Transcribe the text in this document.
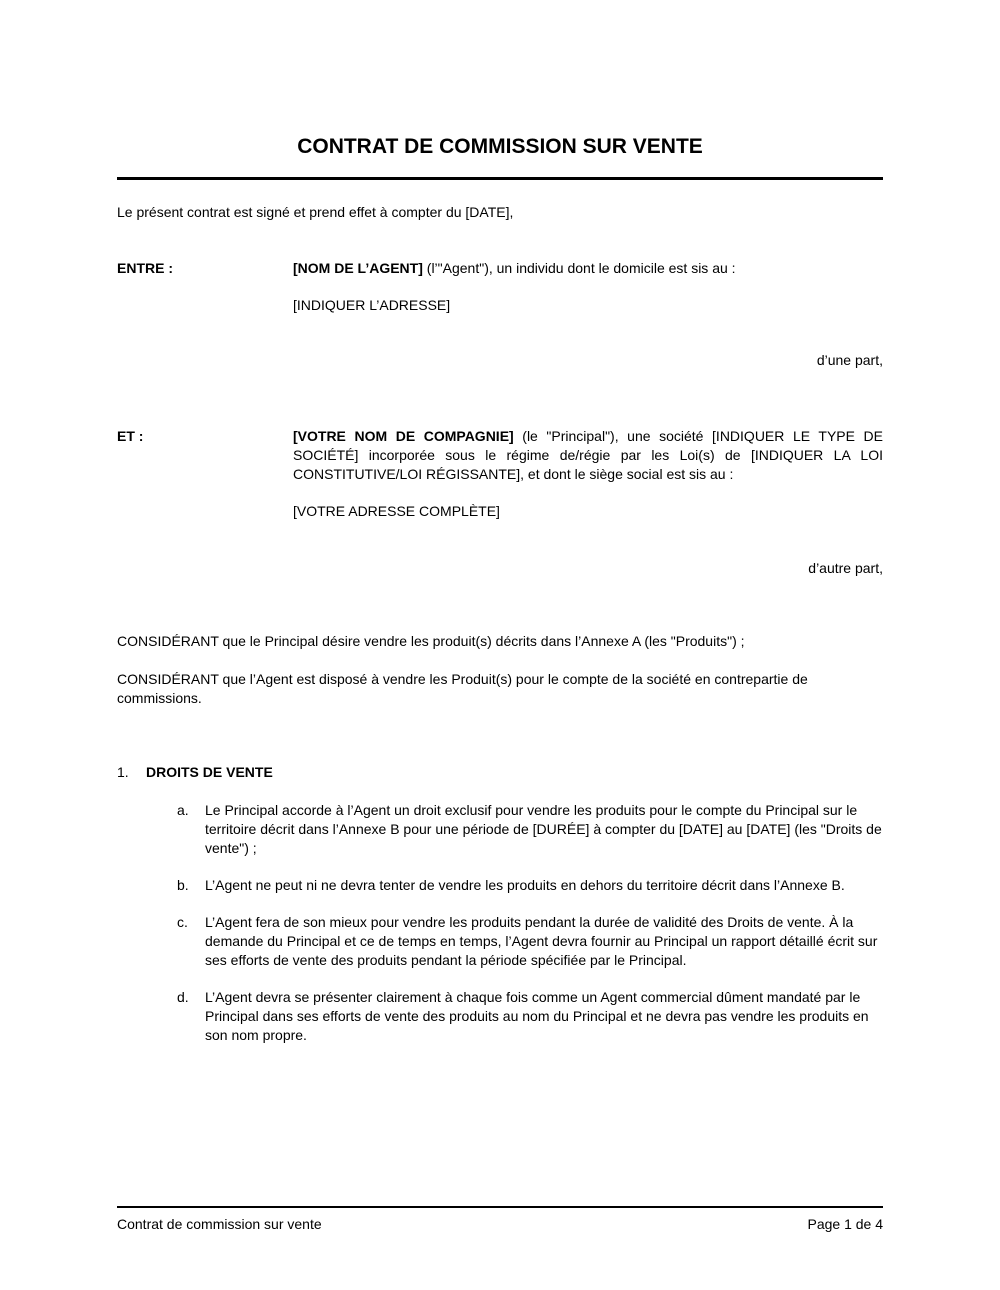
CONTRAT DE COMMISSION SUR VENTE

Le présent contrat est signé et prend effet à compter du [DATE],

ENTRE :	[NOM DE L’AGENT] (l’"Agent"), un individu dont le domicile est sis au :
[INDIQUER L’ADRESSE]
d’une part,
ET :	[VOTRE NOM DE COMPAGNIE] (le "Principal"), une société [INDIQUER LE TYPE DE SOCIÉTÉ] incorporée sous le régime de/régie par les Loi(s) de [INDIQUER LA LOI CONSTITUTIVE/LOI RÉGISSANTE], et dont le siège social est sis au :
[VOTRE ADRESSE COMPLÈTE]
d’autre part,

CONSIDÉRANT que le Principal désire vendre les produit(s) décrits dans l’Annexe A (les "Produits") ;

CONSIDÉRANT que l’Agent est disposé à vendre les Produit(s) pour le compte de la société en contrepartie de commissions.

1.	DROITS DE VENTE
a.	Le Principal accorde à l’Agent un droit exclusif pour vendre les produits pour le compte du Principal sur le territoire décrit dans l’Annexe B pour une période de [DURÉE] à compter du [DATE] au [DATE] (les "Droits de vente") ;
b.	L’Agent ne peut ni ne devra tenter de vendre les produits en dehors du territoire décrit dans l’Annexe B.
c.	L’Agent fera de son mieux pour vendre les produits pendant la durée de validité des Droits de vente. À la demande du Principal et ce de temps en temps, l’Agent devra fournir au Principal un rapport détaillé écrit sur ses efforts de vente des produits pendant la période spécifiée par le Principal.
d.	L’Agent devra se présenter clairement à chaque fois comme un Agent commercial dûment mandaté par le Principal dans ses efforts de vente des produits au nom du Principal et ne devra pas vendre les produits en son nom propre.
Contrat de commission sur vente	Page 1 de 4
